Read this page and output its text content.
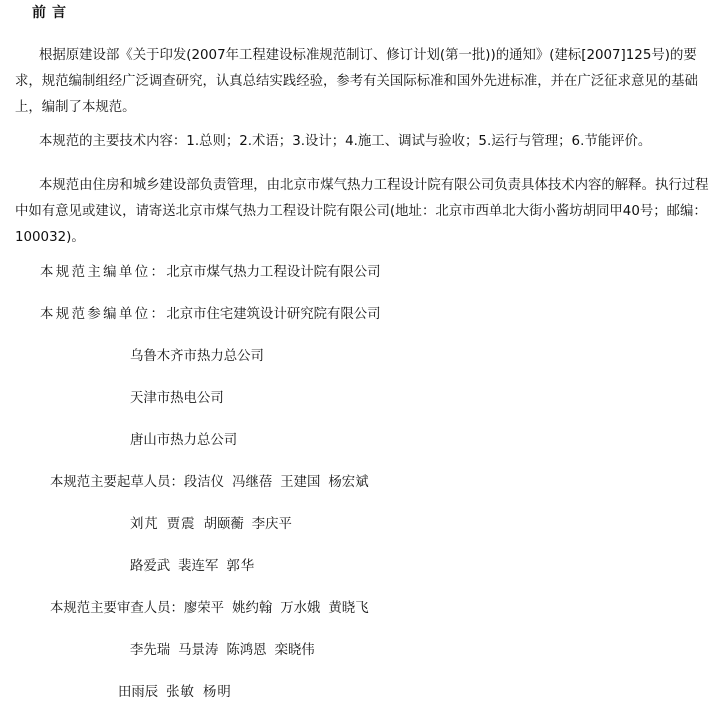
前言
根据原建设部《关于印发(2007年工程建设标准规范制订、修订计划(第一批))的通知》(建标[2007]125号)的要求，规范编制组经广泛调查研究，认真总结实践经验，参考有关国际标准和国外先进标准，并在广泛征求意见的基础上，编制了本规范。
本规范的主要技术内容：1.总则；2.术语；3.设计；4.施工、调试与验收；5.运行与管理；6.节能评价。
本规范由住房和城乡建设部负责管理，由北京市煤气热力工程设计院有限公司负责具体技术内容的解释。执行过程中如有意见或建议，请寄送北京市煤气热力工程设计院有限公司(地址：北京市西单北大街小酱坊胡同甲40号；邮编：100032)。
本规范主编单位：北京市煤气热力工程设计院有限公司
本规范参编单位：北京市住宅建筑设计研究院有限公司
乌鲁木齐市热力总公司
天津市热电公司
唐山市热力总公司
本规范主要起草人员：段洁仪 冯继蓓 王建国 杨宏斌
刘芃 贾震 胡颐蘅 李庆平
路爱武 裴连军 郭华
本规范主要审查人员：廖荣平 姚约翰 万水娥 黄晓飞
李先瑞 马景涛 陈鸿恩 栾晓伟
田雨辰 张敏 杨明
